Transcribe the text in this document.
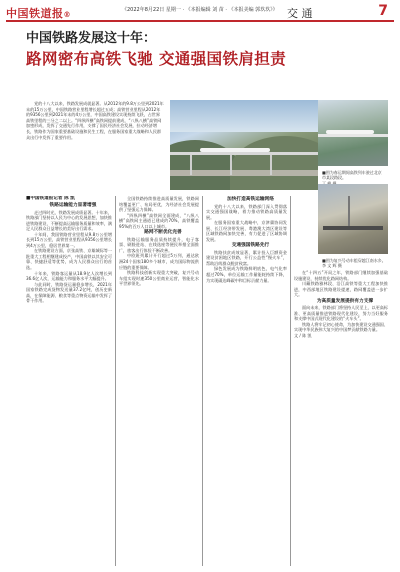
中国铁道报®	《2022年8月22日 星期一 · 《本报编辑 刘 苗 · 《本报美编 郭玖玖》》 交 通	7
中国铁路发展这十年：
路网密布高铁飞驰 交通强国铁肩担责
党的十八大以来，铁路发展成就显著。从2012年的9.8万公里到2021年末的15万公里，中国铁路营业里程增长超过五成；高铁营业里程从2012年的9356公里到2021年末的4万公里，中国高铁建设实现持续飞跃，占世界高铁里程的三分之二以上。“四纵四横”高铁网提前建成，“八纵八横”高铁网加密形成，发挥了交通先行作用，支撑了国民经济社会发展，拉动经济增长，铁路作为国家重要基础设施和民生工程，在服务国家重大战略和人民群众出行中发挥了重要作用。
■图为春运期间高铁列车驶过北京市某段路段。

■图为复兴号动车组穿越江南水乡。 李 文 辉 摄

■中国铁道报记者 陈 凯

铁路运输能力显著增强

走过四时光，铁路发展成绩显著。十年来，铁路部门坚持以人民为中心的发展思想，加快推进铁路建设，不断提高运输服务质量和效率，满足人民群众日益增长的美好出行需求。

十年间，我国铁路营业里程从9.8万公里增长到15万公里，高铁营业里程从9356公里增长到4万公里，稳居世界第一。

在铁路建设方面，京张高铁、京雄城际等一批重大工程相继建成投产，中国高铁以其安全可靠、快捷舒适等优势，成为人民群众出行的首选。

十年来，铁路客运量从18.9亿人次增长到36.6亿人次，运输能力和服务水平大幅提升。

与此同时，铁路货运量稳步增长，2021年国家铁路完成货物发送量37.2亿吨，创历史新高，在保障能源、粮食等重点物资运输中发挥了骨干作用。

全国铁路持续推进高质量发展，铁路网络覆盖更广、布局更优，为经济社会发展提供了坚强运力保障。

“四纵四横”高铁网全面建成，“八纵八横”高铁网主通道已建成约70%，高铁覆盖95%的百万人口以上城市。

路网不断优化完善

铁路运输服务品质持续提升，电子客票、刷脸进站、在线选座等便民举措全面推广，旅客出行体验不断改善。

中欧班列累计开行超过5万列，通达欧洲24个国家180多个城市，成为国际物流供应链的重要保障。

铁路科技创新实现重大突破，复兴号动车组实现时速350公里商业运营，智能化水平世界领先。

加快打造高铁运输网络

党的十八大以来，铁路部门深入贯彻落实交通强国战略，着力推动铁路高质量发展。

在服务国家重大战略中，京津冀协同发展、长江经济带发展、粤港澳大湾区建设等区域铁路网加快完善，有力促进了区域协调发展。

交通强国铁路先行

铁路扶贫成效显著，累计投入巨额资金建设贫困地区铁路，开行公益性“慢火车”，帮助沿线群众脱贫致富。

绿色发展成为铁路鲜明底色，电气化率超过70%，单位运输工作量能耗持续下降，为实现碳达峰碳中和目标贡献力量。

在“十四五”开局之年，铁路部门继续加强基础设施建设，持续优化路网结构。

川藏铁路雅林段、沿江高铁等重大工程加快推进，中西部地区铁路建设提速，路网覆盖进一步扩大。

为高质量发展提供有力支撑

面向未来，铁路部门将坚持人民至上，以更高标准、更高质量推进铁路现代化建设，努力当好服务和支撑中国式现代化建设的“火车头”。

铁路人将牢记初心使命，为加快建设交通强国、实现中华民族伟大复兴的中国梦贡献铁路力量。

文 / 陈 凯
